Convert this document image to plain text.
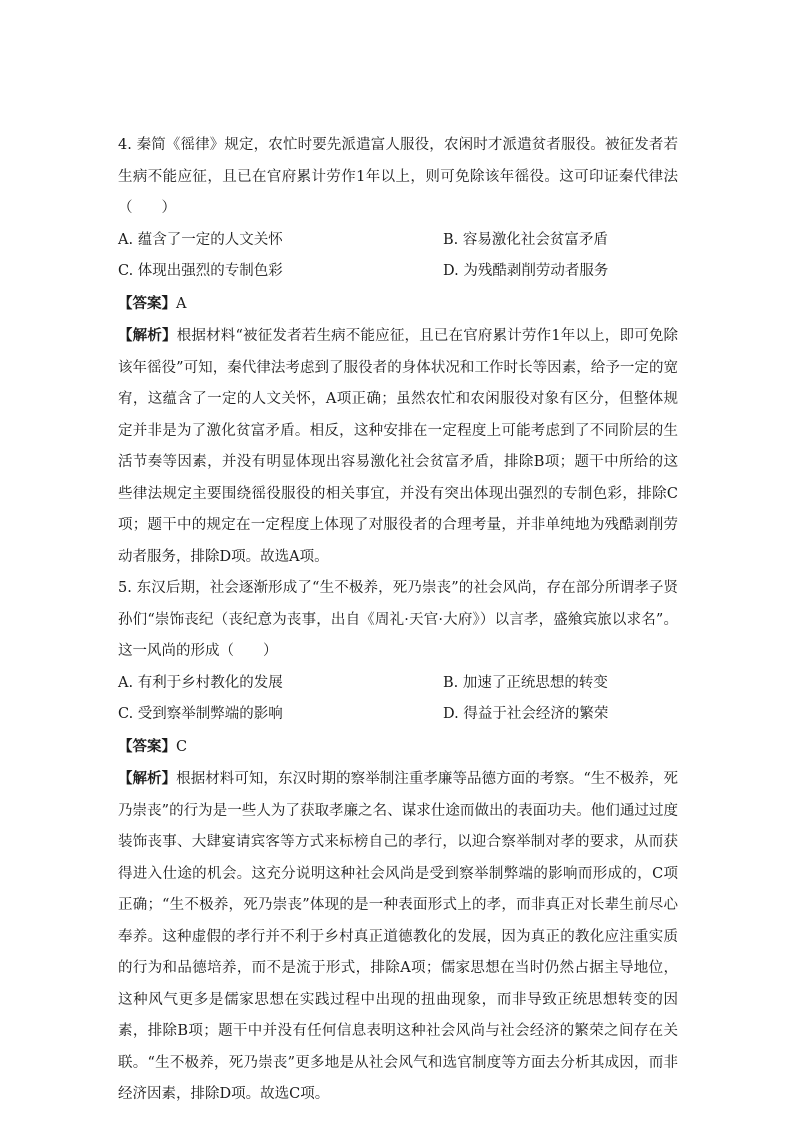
4. 秦简《徭律》规定，农忙时要先派遣富人服役，农闲时才派遣贫者服役。被征发者若生病不能应征，且已在官府累计劳作1年以上，则可免除该年徭役。这可印证秦代律法（　　）

A. 蕴含了一定的人文关怀	B. 容易激化社会贫富矛盾
C. 体现出强烈的专制色彩	D. 为残酷剥削劳动者服务

【答案】A

【解析】根据材料“被征发者若生病不能应征，且已在官府累计劳作1年以上，即可免除该年徭役”可知，秦代律法考虑到了服役者的身体状况和工作时长等因素，给予一定的宽宥，这蕴含了一定的人文关怀，A项正确；虽然农忙和农闲服役对象有区分，但整体规定并非是为了激化贫富矛盾。相反，这种安排在一定程度上可能考虑到了不同阶层的生活节奏等因素，并没有明显体现出容易激化社会贫富矛盾，排除B项；题干中所给的这些律法规定主要围绕徭役服役的相关事宜，并没有突出体现出强烈的专制色彩，排除C项；题干中的规定在一定程度上体现了对服役者的合理考量，并非单纯地为残酷剥削劳动者服务，排除D项。故选A项。

5. 东汉后期，社会逐渐形成了“生不极养，死乃崇丧”的社会风尚，存在部分所谓孝子贤孙们“崇饰丧纪（丧纪意为丧事，出自《周礼·天官·大府》）以言孝，盛飨宾旅以求名”。这一风尚的形成（　　）

A. 有利于乡村教化的发展	B. 加速了正统思想的转变
C. 受到察举制弊端的影响	D. 得益于社会经济的繁荣

【答案】C

【解析】根据材料可知，东汉时期的察举制注重孝廉等品德方面的考察。“生不极养，死乃崇丧”的行为是一些人为了获取孝廉之名、谋求仕途而做出的表面功夫。他们通过过度装饰丧事、大肆宴请宾客等方式来标榜自己的孝行，以迎合察举制对孝的要求，从而获得进入仕途的机会。这充分说明这种社会风尚是受到察举制弊端的影响而形成的，C项正确；“生不极养，死乃崇丧”体现的是一种表面形式上的孝，而非真正对长辈生前尽心奉养。这种虚假的孝行并不利于乡村真正道德教化的发展，因为真正的教化应注重实质的行为和品德培养，而不是流于形式，排除A项；儒家思想在当时仍然占据主导地位，这种风气更多是儒家思想在实践过程中出现的扭曲现象，而非导致正统思想转变的因素，排除B项；题干中并没有任何信息表明这种社会风尚与社会经济的繁荣之间存在关联。“生不极养，死乃崇丧”更多地是从社会风气和选官制度等方面去分析其成因，而非经济因素，排除D项。故选C项。
